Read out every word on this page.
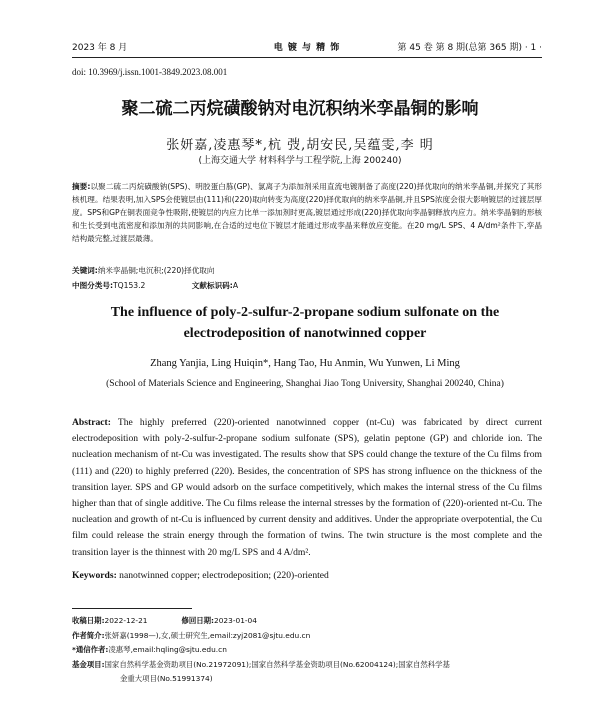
2023 年 8 月	电 镀 与 精 饰	第 45 卷 第 8 期(总第 365 期) · 1 ·
doi: 10.3969/j.issn.1001-3849.2023.08.001
聚二硫二丙烷磺酸钠对电沉积纳米孪晶铜的影响
张妍嘉,凌惠琴*,杭 弢,胡安民,吴蕴雯,李 明
(上海交通大学 材料科学与工程学院,上海 200240)
摘要:以聚二硫二丙烷磺酸钠(SPS)、明胶蛋白胨(GP)、氯离子为添加剂采用直流电镀制备了高度(220)择优取向的纳米孪晶铜,并探究了其形核机理。结果表明,加入SPS会使镀层由(111)和(220)取向转变为高度(220)择优取向的纳米孪晶铜,并且SPS浓度会很大影响镀层的过渡层厚度。SPS和GP在铜表面竞争性吸附,使镀层的内应力比单一添加剂时更高,镀层通过形成(220)择优取向孪晶铜释放内应力。纳米孪晶铜的形核和生长受到电流密度和添加剂的共同影响,在合适的过电位下镀层才能通过形成孪晶来释放应变能。在20 mg/L SPS、4 A/dm²条件下,孪晶结构最完整,过渡层最薄。
关键词:纳米孪晶铜;电沉积;(220)择优取向
中图分类号:TQ153.2	文献标识码:A
The influence of poly-2-sulfur-2-propane sodium sulfonate on the electrodeposition of nanotwinned copper
Zhang Yanjia, Ling Huiqin*, Hang Tao, Hu Anmin, Wu Yunwen, Li Ming
(School of Materials Science and Engineering, Shanghai Jiao Tong University, Shanghai 200240, China)
Abstract: The highly preferred (220)-oriented nanotwinned copper (nt-Cu) was fabricated by direct current electrodeposition with poly-2-sulfur-2-propane sodium sulfonate (SPS), gelatin peptone (GP) and chloride ion. The nucleation mechanism of nt-Cu was investigated. The results show that SPS could change the texture of the Cu films from (111) and (220) to highly preferred (220). Besides, the concentration of SPS has strong influence on the thickness of the transition layer. SPS and GP would adsorb on the surface competitively, which makes the internal stress of the Cu films higher than that of single additive. The Cu films release the internal stresses by the formation of (220)-oriented nt-Cu. The nucleation and growth of nt-Cu is influenced by current density and additives. Under the appropriate overpotential, the Cu film could release the strain energy through the formation of twins. The twin structure is the most complete and the transition layer is the thinnest with 20 mg/L SPS and 4 A/dm².
Keywords: nanotwinned copper; electrodeposition; (220)-oriented
收稿日期:2022-12-21	修回日期:2023-01-04
作者简介:张妍嘉(1998—),女,硕士研究生,email:zyj2081@sjtu.edu.cn
*通信作者:凌惠琴,email:hqling@sjtu.edu.cn
基金项目:国家自然科学基金资助项目(No.21972091);国家自然科学基金资助项目(No.62004124);国家自然科学基
金重大项目(No.51991374)
